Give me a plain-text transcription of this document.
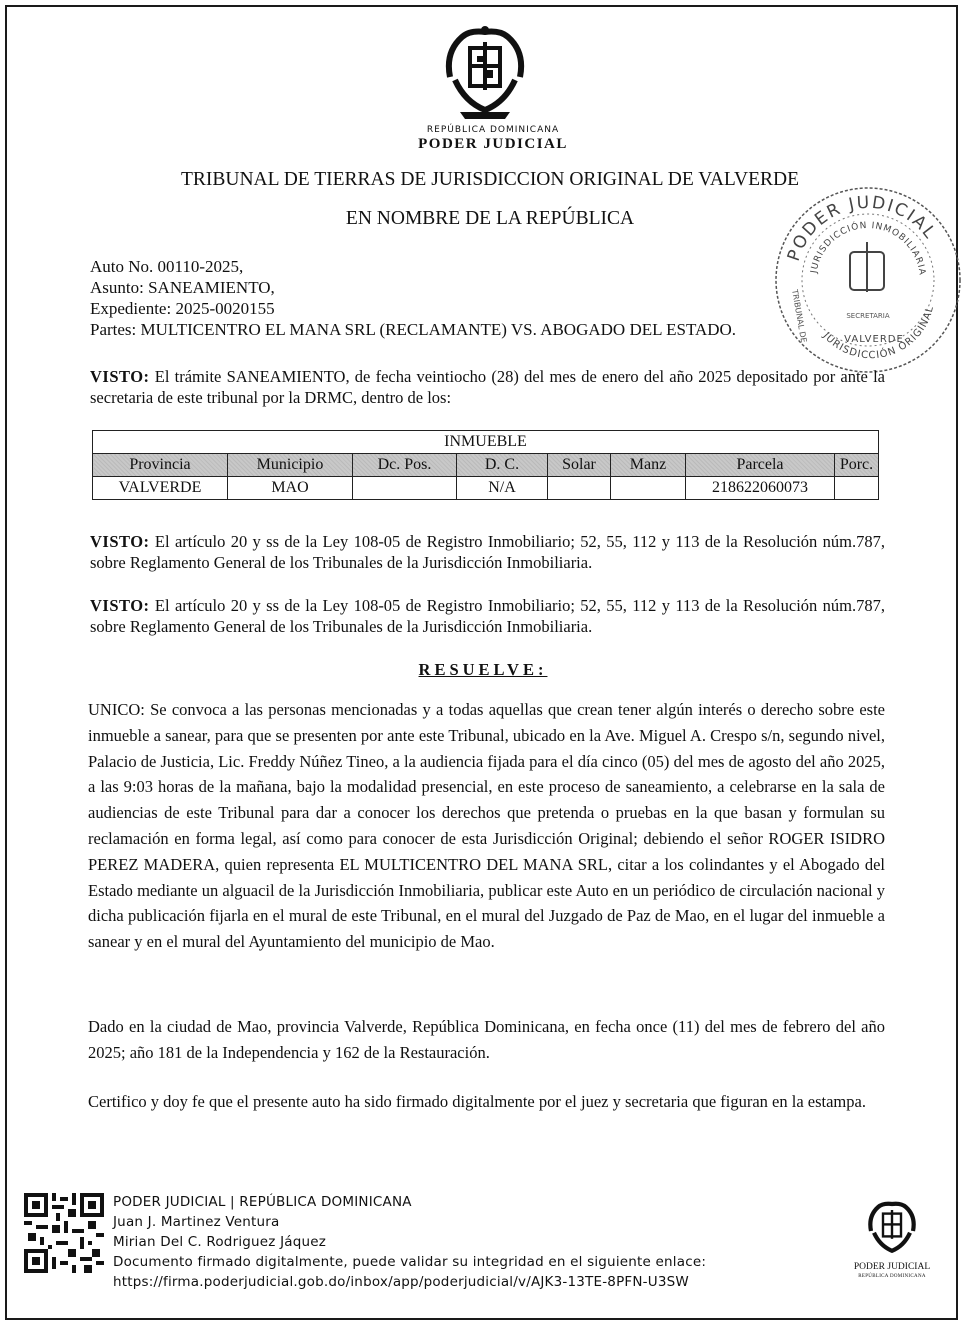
REPÚBLICA DOMINICANA
PODER JUDICIAL
TRIBUNAL DE TIERRAS DE JURISDICCION ORIGINAL DE VALVERDE
EN NOMBRE DE LA REPÚBLICA
PODER JUDICIAL
JURISDICCIÓN INMOBILIARIA
JURISDICCIÓN ORIGINAL
SECRETARIA
VALVERDE
TRIBUNAL DE
Auto No. 00110-2025,
Asunto: SANEAMIENTO,
Expediente: 2025-0020155
Partes: MULTICENTRO EL MANA SRL (RECLAMANTE) VS. ABOGADO DEL ESTADO.
VISTO: El trámite SANEAMIENTO, de fecha veintiocho (28) del mes de enero del año 2025 depositado por ante la secretaria de este tribunal por la DRMC, dentro de los:
INMUEBLE							
Provincia	Municipio	Dc. Pos.	D. C.	Solar	Manz	Parcela	Porc.
VALVERDE	MAO		N/A			218622060073	
VISTO: El artículo 20 y ss de la Ley 108-05 de Registro Inmobiliario; 52, 55, 112 y 113 de la Resolución núm.787, sobre Reglamento General de los Tribunales de la Jurisdicción Inmobiliaria.
VISTO: El artículo 20 y ss de la Ley 108-05 de Registro Inmobiliario; 52, 55, 112 y 113 de la Resolución núm.787, sobre Reglamento General de los Tribunales de la Jurisdicción Inmobiliaria.
RESUELVE:
UNICO: Se convoca a las personas mencionadas y a todas aquellas que crean tener algún interés o derecho sobre este inmueble a sanear, para que se presenten por ante este Tribunal, ubicado en la Ave. Miguel A. Crespo s/n, segundo nivel, Palacio de Justicia, Lic. Freddy Núñez Tineo, a la audiencia fijada para el día cinco (05) del mes de agosto del año 2025, a las 9:03 horas de la mañana, bajo la modalidad presencial, en este proceso de saneamiento, a celebrarse en la sala de audiencias de este Tribunal para dar a conocer los derechos que pretenda o pruebas en la que basan y formulan su reclamación en forma legal, así como para conocer de esta Jurisdicción Original; debiendo el señor ROGER ISIDRO PEREZ MADERA, quien representa EL MULTICENTRO DEL MANA SRL, citar a los colindantes y el Abogado del Estado mediante un alguacil de la Jurisdicción Inmobiliaria, publicar este Auto en un periódico de circulación nacional y dicha publicación fijarla en el mural de este Tribunal, en el mural del Juzgado de Paz de Mao, en el lugar del inmueble a sanear y en el mural del Ayuntamiento del municipio de Mao.
Dado en la ciudad de Mao, provincia Valverde, República Dominicana, en fecha once (11) del mes de febrero del año 2025; año 181 de la Independencia y 162 de la Restauración.
Certifico y doy fe que el presente auto ha sido firmado digitalmente por el juez y secretaria que figuran en la estampa.
PODER JUDICIAL | REPÚBLICA DOMINICANA
Juan J. Martinez Ventura
Mirian Del C. Rodriguez Jáquez
Documento firmado digitalmente, puede validar su integridad en el siguiente enlace:
https://firma.poderjudicial.gob.do/inbox/app/poderjudicial/v/AJK3-13TE-8PFN-U3SW
PODER JUDICIAL
REPÚBLICA DOMINICANA
